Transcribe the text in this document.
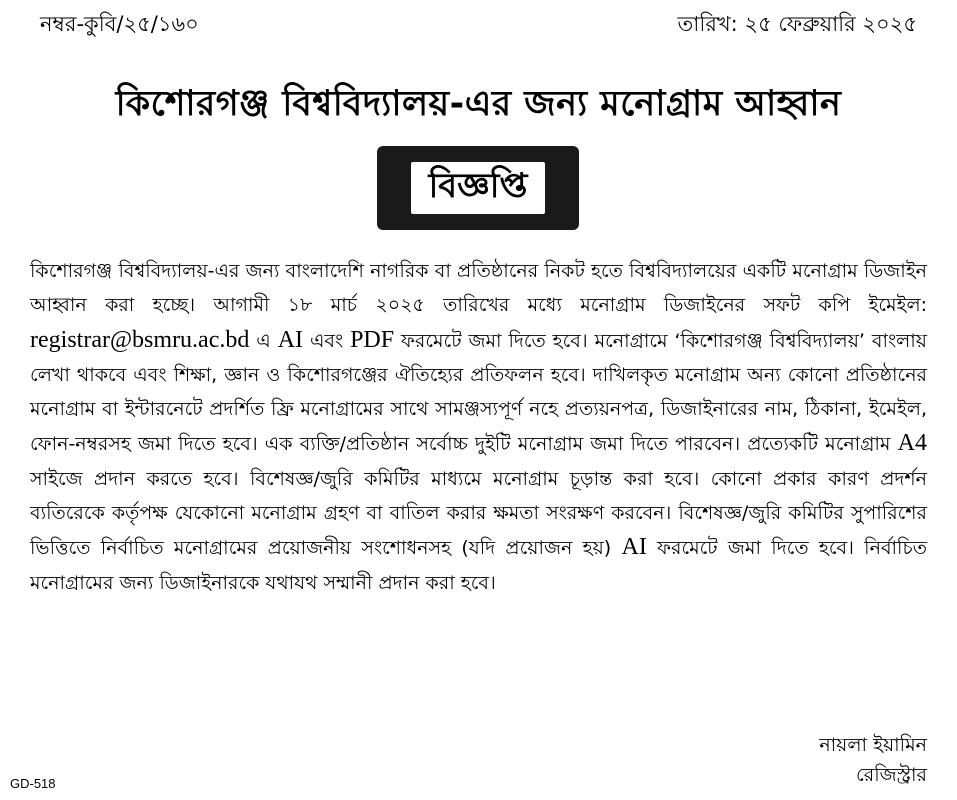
নম্বর-কুবি/২৫/১৬০	তারিখ: ২৫ ফেব্রুয়ারি ২০২৫
কিশোরগঞ্জ বিশ্ববিদ্যালয়-এর জন্য মনোগ্রাম আহ্বান
বিজ্ঞপ্তি
কিশোরগঞ্জ বিশ্ববিদ্যালয়-এর জন্য বাংলাদেশি নাগরিক বা প্রতিষ্ঠানের নিকট হতে বিশ্ববিদ্যালয়ের একটি মনোগ্রাম ডিজাইন আহ্বান করা হচ্ছে। আগামী ১৮ মার্চ ২০২৫ তারিখের মধ্যে মনোগ্রাম ডিজাইনের সফট কপি ইমেইল: registrar@bsmru.ac.bd এ AI এবং PDF ফরমেটে জমা দিতে হবে। মনোগ্রামে ‘কিশোরগঞ্জ বিশ্ববিদ্যালয়’ বাংলায় লেখা থাকবে এবং শিক্ষা, জ্ঞান ও কিশোরগঞ্জের ঐতিহ্যের প্রতিফলন হবে। দাখিলকৃত মনোগ্রাম অন্য কোনো প্রতিষ্ঠানের মনোগ্রাম বা ইন্টারনেটে প্রদর্শিত ফ্রি মনোগ্রামের সাথে সামঞ্জস্যপূর্ণ নহে প্রত্যয়নপত্র, ডিজাইনারের নাম, ঠিকানা, ইমেইল, ফোন-নম্বরসহ জমা দিতে হবে। এক ব্যক্তি/প্রতিষ্ঠান সর্বোচ্চ দুইটি মনোগ্রাম জমা দিতে পারবেন। প্রত্যেকটি মনোগ্রাম A4 সাইজে প্রদান করতে হবে। বিশেষজ্ঞ/জুরি কমিটির মাধ্যমে মনোগ্রাম চূড়ান্ত করা হবে। কোনো প্রকার কারণ প্রদর্শন ব্যতিরেকে কর্তৃপক্ষ যেকোনো মনোগ্রাম গ্রহণ বা বাতিল করার ক্ষমতা সংরক্ষণ করবেন। বিশেষজ্ঞ/জুরি কমিটির সুপারিশের ভিত্তিতে নির্বাচিত মনোগ্রামের প্রয়োজনীয় সংশোধনসহ (যদি প্রয়োজন হয়) AI ফরমেটে জমা দিতে হবে। নির্বাচিত মনোগ্রামের জন্য ডিজাইনারকে যথাযথ সম্মানী প্রদান করা হবে।
নায়লা ইয়ামিন
রেজিস্ট্রার
GD-518
